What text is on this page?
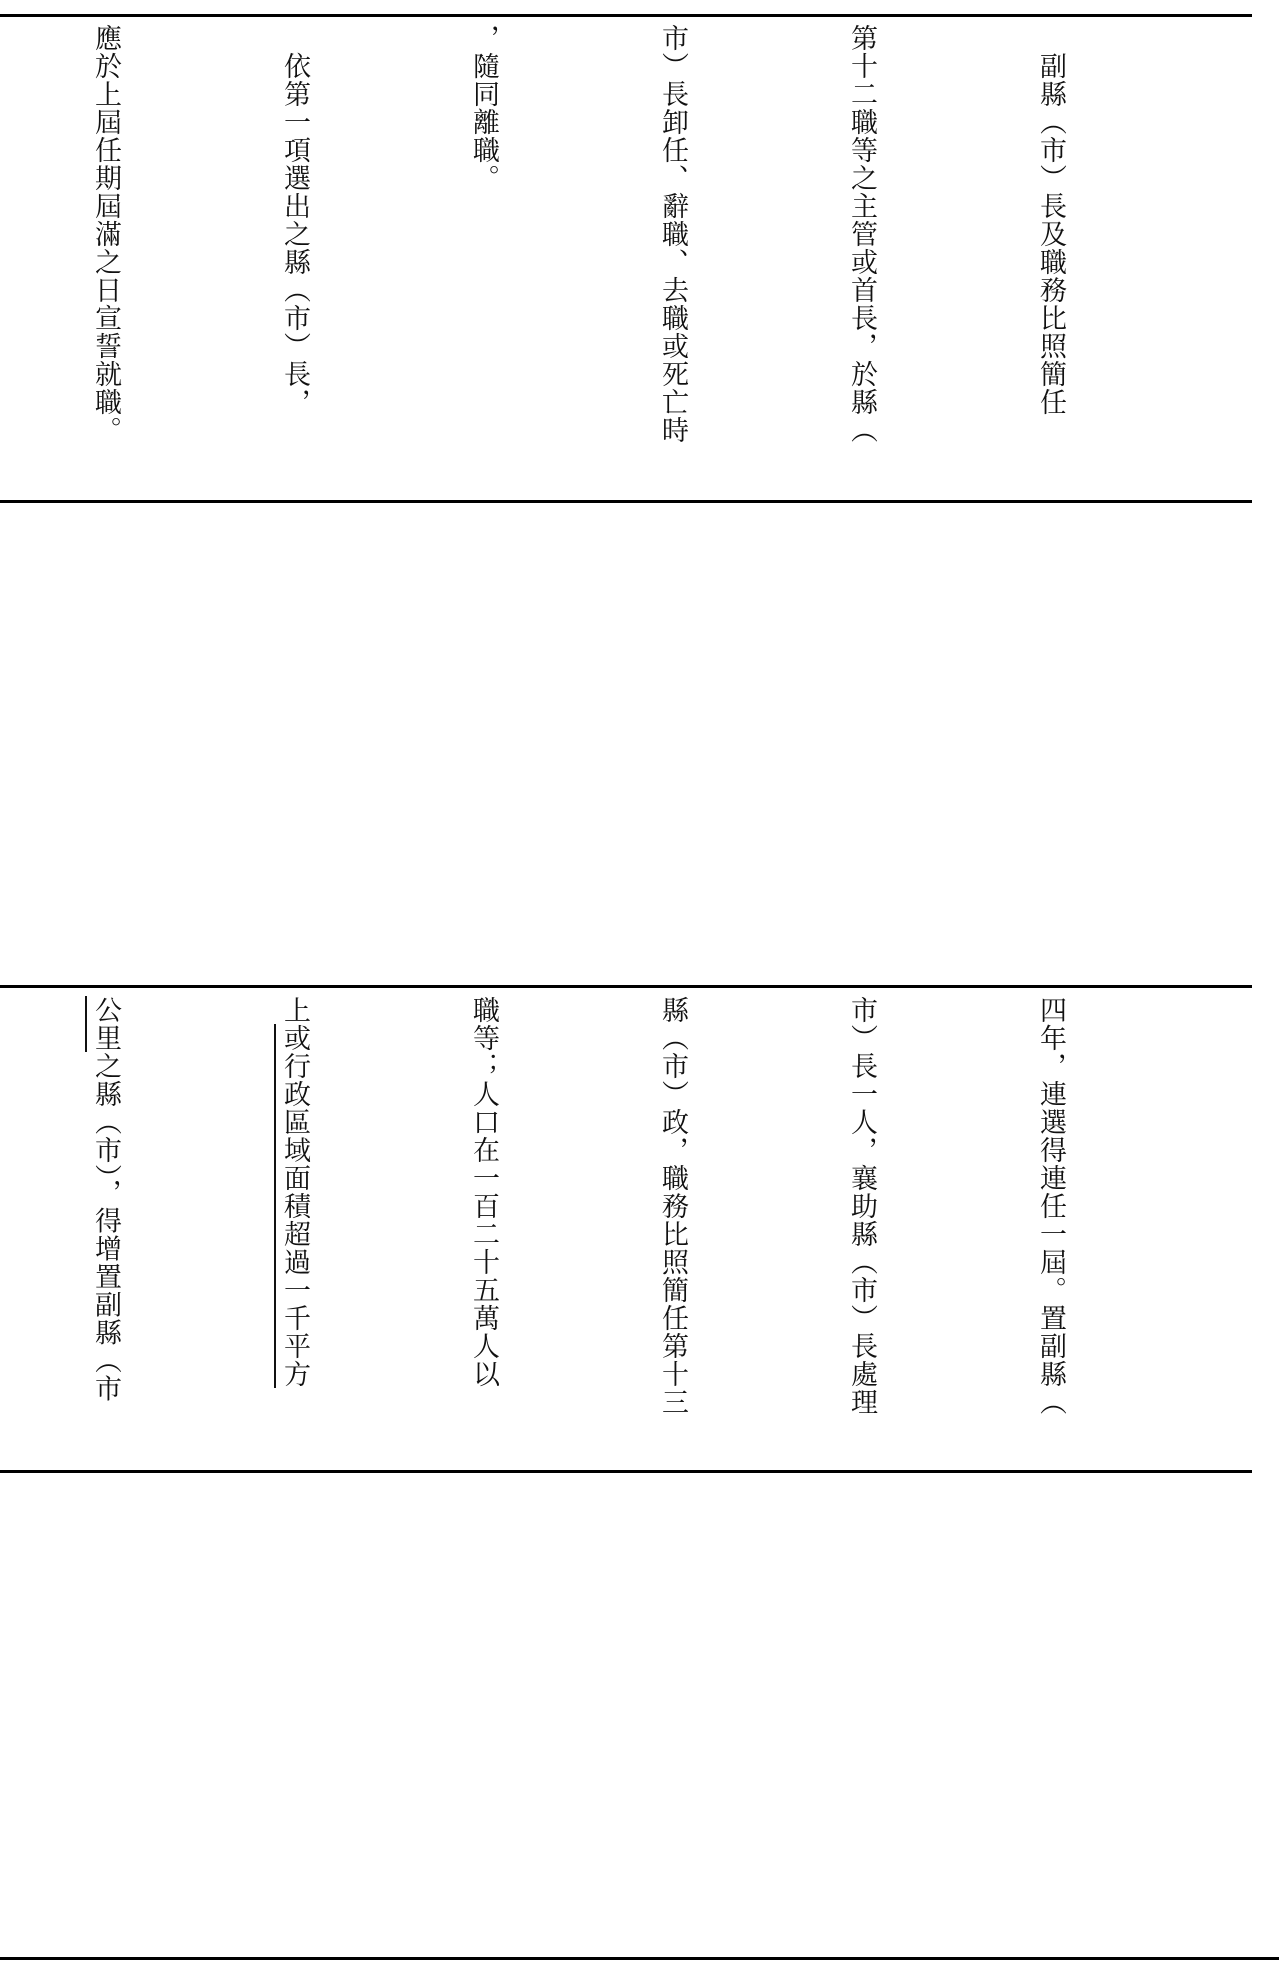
　副縣（市）長及職務比照簡任

第十二職等之主管或首長，於縣（

市）長卸任、辭職、去職或死亡時

，隨同離職。

　依第一項選出之縣（市）長，

應於上屆任期屆滿之日宣誓就職。

四年，連選得連任一屆。置副縣（

市）長一人，襄助縣（市）長處理

縣（市）政，職務比照簡任第十三

職等；人口在一百二十五萬人以

上或行政區域面積超過一千平方

公里之縣（市），得增置副縣（市
